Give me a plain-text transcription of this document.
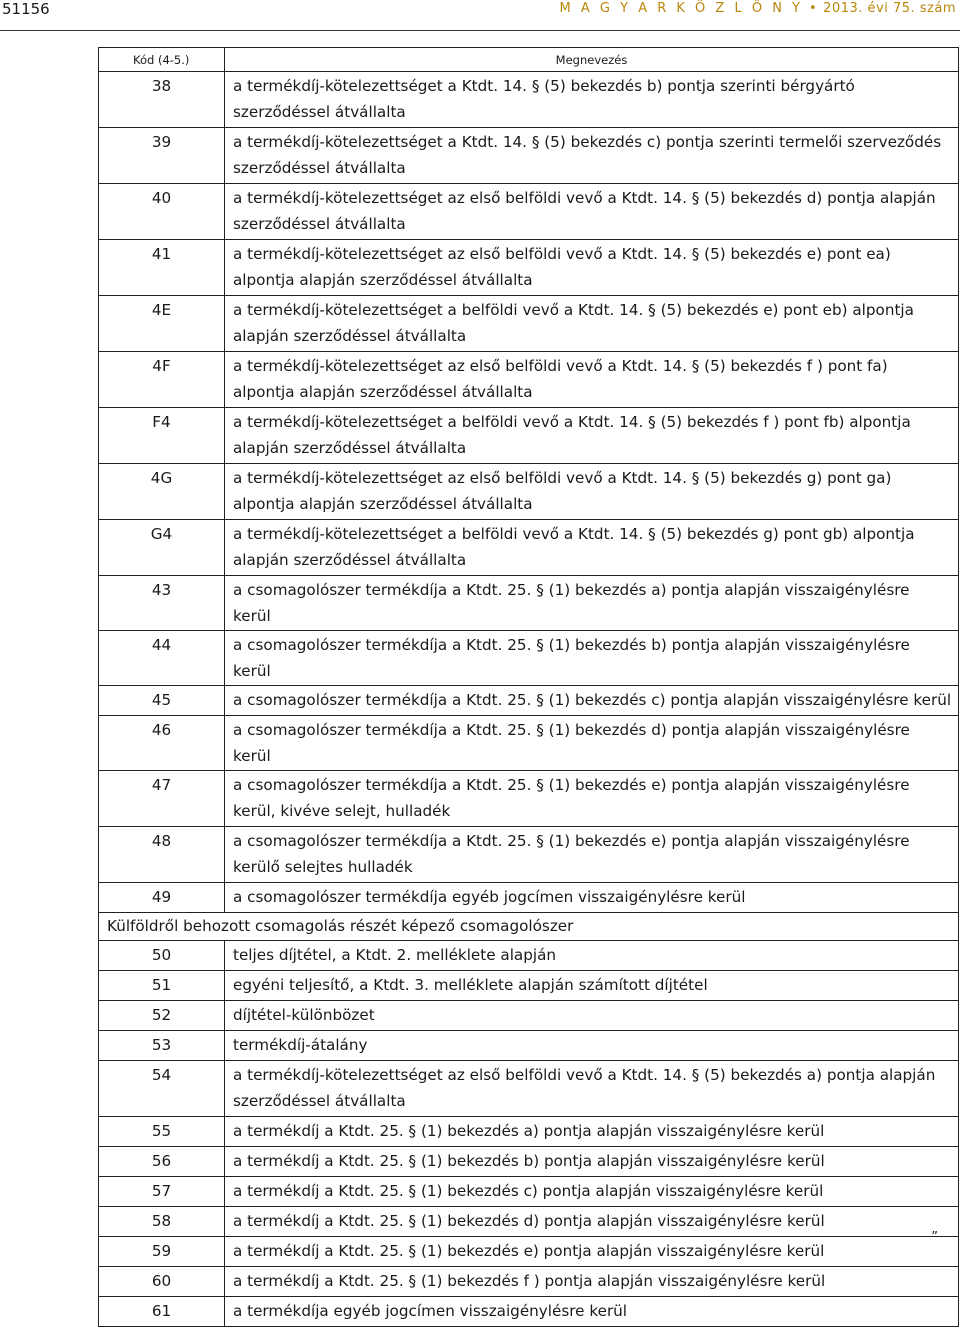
51156	M A G Y A R K Ö Z L Ö N Y • 2013. évi 75. szám
Kód (4-5.)	Megnevezés
38	a termékdíj-kötelezettséget a Ktdt. 14. § (5) bekezdés b) pontja szerinti bérgyártó szerződéssel átvállalta
39	a termékdíj-kötelezettséget a Ktdt. 14. § (5) bekezdés c) pontja szerinti termelői szerveződés szerződéssel átvállalta
40	a termékdíj-kötelezettséget az első belföldi vevő a Ktdt. 14. § (5) bekezdés d) pontja alapján szerződéssel átvállalta
41	a termékdíj-kötelezettséget az első belföldi vevő a Ktdt. 14. § (5) bekezdés e) pont ea) alpontja alapján szerződéssel átvállalta
4E	a termékdíj-kötelezettséget a belföldi vevő a Ktdt. 14. § (5) bekezdés e) pont eb) alpontja alapján szerződéssel átvállalta
4F	a termékdíj-kötelezettséget az első belföldi vevő a Ktdt. 14. § (5) bekezdés f ) pont fa) alpontja alapján szerződéssel átvállalta
F4	a termékdíj-kötelezettséget a belföldi vevő a Ktdt. 14. § (5) bekezdés f ) pont fb) alpontja alapján szerződéssel átvállalta
4G	a termékdíj-kötelezettséget az első belföldi vevő a Ktdt. 14. § (5) bekezdés g) pont ga) alpontja alapján szerződéssel átvállalta
G4	a termékdíj-kötelezettséget a belföldi vevő a Ktdt. 14. § (5) bekezdés g) pont gb) alpontja alapján szerződéssel átvállalta
43	a csomagolószer termékdíja a Ktdt. 25. § (1) bekezdés a) pontja alapján visszaigénylésre kerül
44	a csomagolószer termékdíja a Ktdt. 25. § (1) bekezdés b) pontja alapján visszaigénylésre kerül
45	a csomagolószer termékdíja a Ktdt. 25. § (1) bekezdés c) pontja alapján visszaigénylésre kerül
46	a csomagolószer termékdíja a Ktdt. 25. § (1) bekezdés d) pontja alapján visszaigénylésre kerül
47	a csomagolószer termékdíja a Ktdt. 25. § (1) bekezdés e) pontja alapján visszaigénylésre kerül, kivéve selejt, hulladék
48	a csomagolószer termékdíja a Ktdt. 25. § (1) bekezdés e) pontja alapján visszaigénylésre kerülő selejtes hulladék
49	a csomagolószer termékdíja egyéb jogcímen visszaigénylésre kerül
Külföldről behozott csomagolás részét képező csomagolószer	
50	teljes díjtétel, a Ktdt. 2. melléklete alapján
51	egyéni teljesítő, a Ktdt. 3. melléklete alapján számított díjtétel
52	díjtétel-különbözet
53	termékdíj-átalány
54	a termékdíj-kötelezettséget az első belföldi vevő a Ktdt. 14. § (5) bekezdés a) pontja alapján szerződéssel átvállalta
55	a termékdíj a Ktdt. 25. § (1) bekezdés a) pontja alapján visszaigénylésre kerül
56	a termékdíj a Ktdt. 25. § (1) bekezdés b) pontja alapján visszaigénylésre kerül
57	a termékdíj a Ktdt. 25. § (1) bekezdés c) pontja alapján visszaigénylésre kerül
58	a termékdíj a Ktdt. 25. § (1) bekezdés d) pontja alapján visszaigénylésre kerül
59	a termékdíj a Ktdt. 25. § (1) bekezdés e) pontja alapján visszaigénylésre kerül
60	a termékdíj a Ktdt. 25. § (1) bekezdés f ) pontja alapján visszaigénylésre kerül
61	a termékdíja egyéb jogcímen visszaigénylésre kerül
”
